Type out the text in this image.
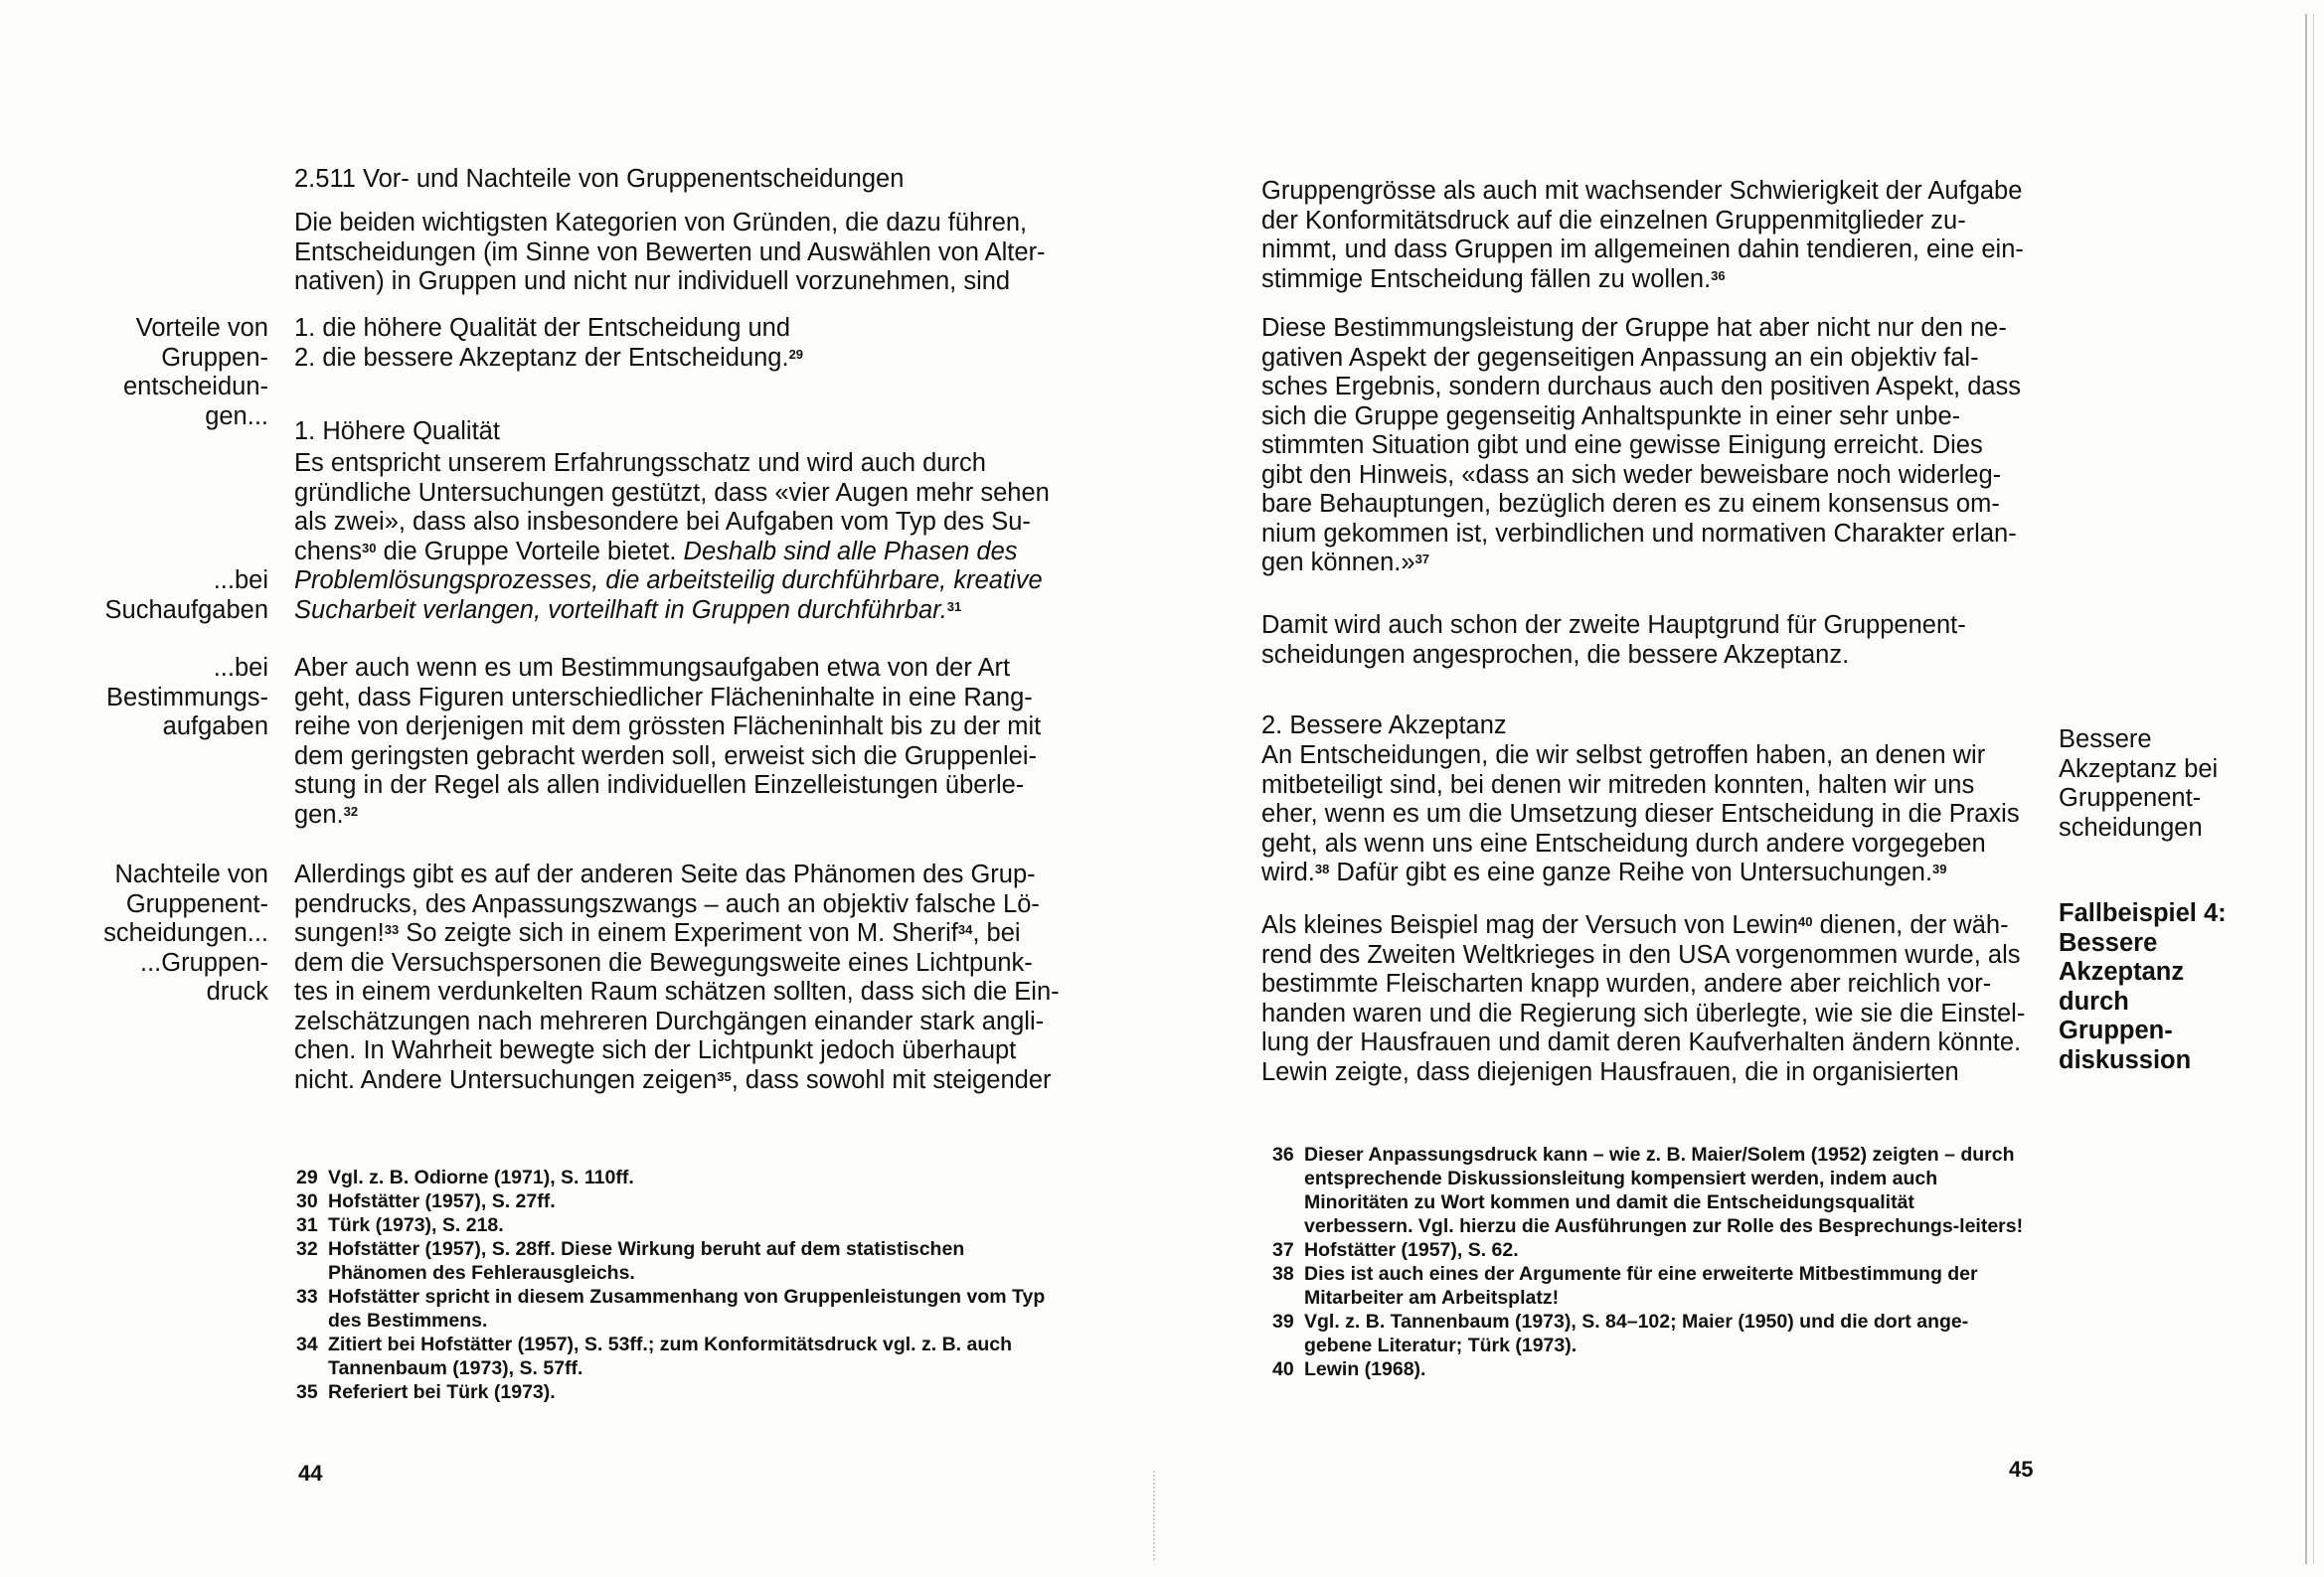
2.511 Vor- und Nachteile von Gruppenentscheidungen

Die beiden wichtigsten Kategorien von Gründen, die dazu führen,

Entscheidungen (im Sinne von Bewerten und Auswählen von Alter-

nativen) in Gruppen und nicht nur individuell vorzunehmen, sind

Vorteile von

Gruppen-

entscheidun-

gen...

1. die höhere Qualität der Entscheidung und

2. die bessere Akzeptanz der Entscheidung.$^{29}$

1. Höhere Qualität

Es entspricht unserem Erfahrungsschatz und wird auch durch

gründliche Untersuchungen gestützt, dass «vier Augen mehr sehen

als zwei», dass also insbesondere bei Aufgaben vom Typ des Su-

chens$^{30}$ die Gruppe Vorteile bietet. Deshalb sind alle Phasen des

Problemlösungsprozesses, die arbeitsteilig durchführbare, kreative

Sucharbeit verlangen, vorteilhaft in Gruppen durchführbar.$^{31}$

...bei

Suchaufgaben

...bei

Bestimmungs-

aufgaben

Aber auch wenn es um Bestimmungsaufgaben etwa von der Art

geht, dass Figuren unterschiedlicher Flächeninhalte in eine Rang-

reihe von derjenigen mit dem grössten Flächeninhalt bis zu der mit

dem geringsten gebracht werden soll, erweist sich die Gruppenlei-

stung in der Regel als allen individuellen Einzelleistungen überle-

gen.$^{32}$

Nachteile von

Gruppenent-

scheidungen...

...Gruppen-

druck

Allerdings gibt es auf der anderen Seite das Phänomen des Grup-

pendrucks, des Anpassungszwangs – auch an objektiv falsche Lö-

sungen!$^{33}$ So zeigte sich in einem Experiment von M. Sherif$^{34}$, bei

dem die Versuchspersonen die Bewegungsweite eines Lichtpunk-

tes in einem verdunkelten Raum schätzen sollten, dass sich die Ein-

zelschätzungen nach mehreren Durchgängen einander stark angli-

chen. In Wahrheit bewegte sich der Lichtpunkt jedoch überhaupt

nicht. Andere Untersuchungen zeigen$^{35}$, dass sowohl mit steigender

29 Vgl. z. B. Odiorne (1971), S. 110ff.
30 Hofstätter (1957), S. 27ff.
31 Türk (1973), S. 218.
32 Hofstätter (1957), S. 28ff. Diese Wirkung beruht auf dem statistischen Phänomen des Fehlerausgleichs.
33 Hofstätter spricht in diesem Zusammenhang von Gruppenleistungen vom Typ des Bestimmens.
34 Zitiert bei Hofstätter (1957), S. 53ff.; zum Konformitätsdruck vgl. z. B. auch Tannenbaum (1973), S. 57ff.
35 Referiert bei Türk (1973).
44

Gruppengrösse als auch mit wachsender Schwierigkeit der Aufgabe

der Konformitätsdruck auf die einzelnen Gruppenmitglieder zu-

nimmt, und dass Gruppen im allgemeinen dahin tendieren, eine ein-

stimmige Entscheidung fällen zu wollen.$^{36}$

Diese Bestimmungsleistung der Gruppe hat aber nicht nur den ne-

gativen Aspekt der gegenseitigen Anpassung an ein objektiv fal-

sches Ergebnis, sondern durchaus auch den positiven Aspekt, dass

sich die Gruppe gegenseitig Anhaltspunkte in einer sehr unbe-

stimmten Situation gibt und eine gewisse Einigung erreicht. Dies

gibt den Hinweis, «dass an sich weder beweisbare noch widerleg-

bare Behauptungen, bezüglich deren es zu einem konsensus om-

nium gekommen ist, verbindlichen und normativen Charakter erlan-

gen können.»$^{37}$

Damit wird auch schon der zweite Hauptgrund für Gruppenent-

scheidungen angesprochen, die bessere Akzeptanz.

2. Bessere Akzeptanz

An Entscheidungen, die wir selbst getroffen haben, an denen wir

mitbeteiligt sind, bei denen wir mitreden konnten, halten wir uns

eher, wenn es um die Umsetzung dieser Entscheidung in die Praxis

geht, als wenn uns eine Entscheidung durch andere vorgegeben

wird.$^{38}$ Dafür gibt es eine ganze Reihe von Untersuchungen.$^{39}$

Bessere

Akzeptanz bei

Gruppenent-

scheidungen

Als kleines Beispiel mag der Versuch von Lewin$^{40}$ dienen, der wäh-

rend des Zweiten Weltkrieges in den USA vorgenommen wurde, als

bestimmte Fleischarten knapp wurden, andere aber reichlich vor-

handen waren und die Regierung sich überlegte, wie sie die Einstel-

lung der Hausfrauen und damit deren Kaufverhalten ändern könnte.

Lewin zeigte, dass diejenigen Hausfrauen, die in organisierten

Fallbeispiel 4:

Bessere

Akzeptanz

durch

Gruppen-

diskussion

36 Dieser Anpassungsdruck kann – wie z. B. Maier/Solem (1952) zeigten – durch entsprechende Diskussionsleitung kompensiert werden, indem auch Minoritäten zu Wort kommen und damit die Entscheidungsqualität verbessern. Vgl. hierzu die Ausführungen zur Rolle des Besprechungs-leiters!
37 Hofstätter (1957), S. 62.
38 Dies ist auch eines der Argumente für eine erweiterte Mitbestimmung der Mitarbeiter am Arbeitsplatz!
39 Vgl. z. B. Tannenbaum (1973), S. 84–102; Maier (1950) und die dort ange-gebene Literatur; Türk (1973).
40 Lewin (1968).
45
